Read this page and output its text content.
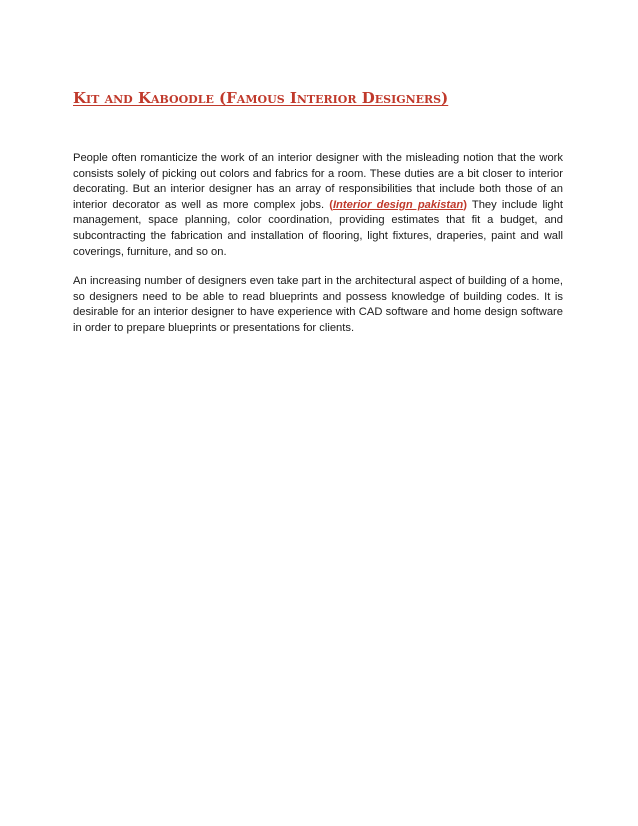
Kit and Kaboodle (Famous Interior Designers)

People often romanticize the work of an interior designer with the misleading notion that the work consists solely of picking out colors and fabrics for a room. These duties are a bit closer to interior decorating. But an interior designer has an array of responsibilities that include both those of an interior decorator as well as more complex jobs. (Interior design pakistan) They include light management, space planning, color coordination, providing estimates that fit a budget, and subcontracting the fabrication and installation of flooring, light fixtures, draperies, paint and wall coverings, furniture, and so on.

An increasing number of designers even take part in the architectural aspect of building of a home, so designers need to be able to read blueprints and possess knowledge of building codes. It is desirable for an interior designer to have experience with CAD software and home design software in order to prepare blueprints or presentations for clients.
